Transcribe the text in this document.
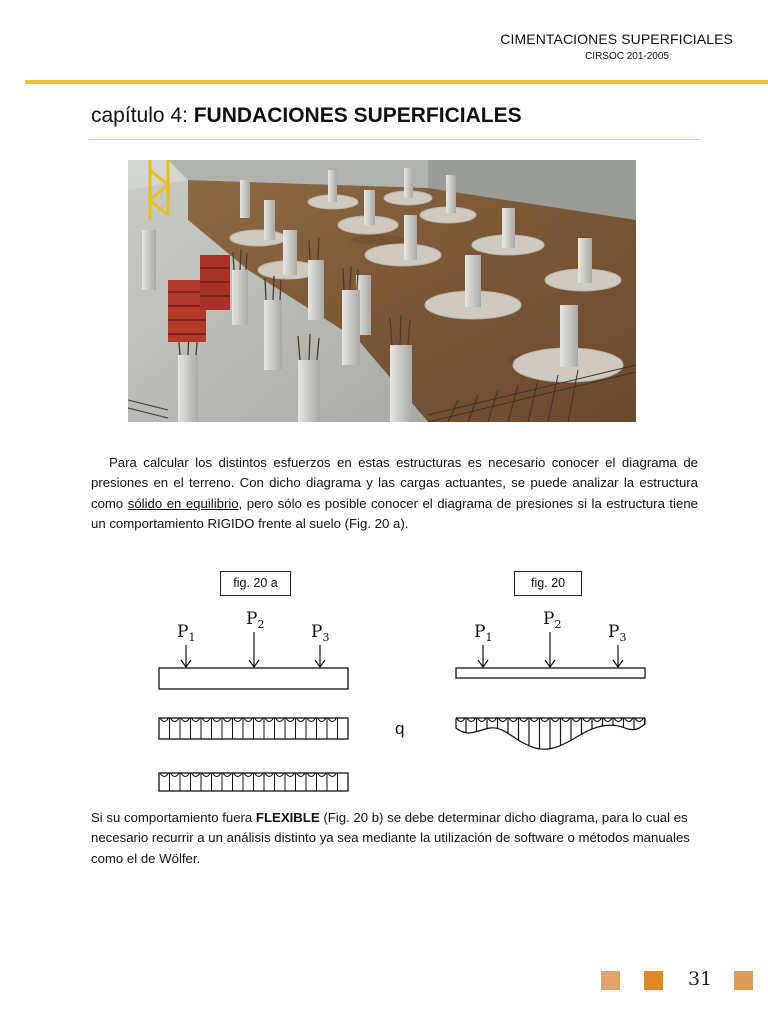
CIMENTACIONES SUPERFICIALES
CIRSOC 201-2005
capítulo 4: FUNDACIONES SUPERFICIALES

Para calcular los distintos esfuerzos en estas estructuras es necesario conocer el diagrama de presiones en el terreno. Con dicho diagrama y las cargas actuantes, se puede analizar la estructura como sólido en equilibrio, pero sólo es posible conocer el diagrama de presiones si la estructura tiene un comportamiento RIGIDO frente al suelo (Fig. 20 a).

fig. 20 a	fig. 20
$P_1$
$P_2$	$P_3$
q
$P_1$
$P_2$	$P_3$

Si su comportamiento fuera FLEXIBLE (Fig. 20 b) se debe determinar dicho diagrama, para lo cual es necesario recurrir a un análisis distinto ya sea mediante la utilización de software o métodos manuales como el de Wölfer.

31
